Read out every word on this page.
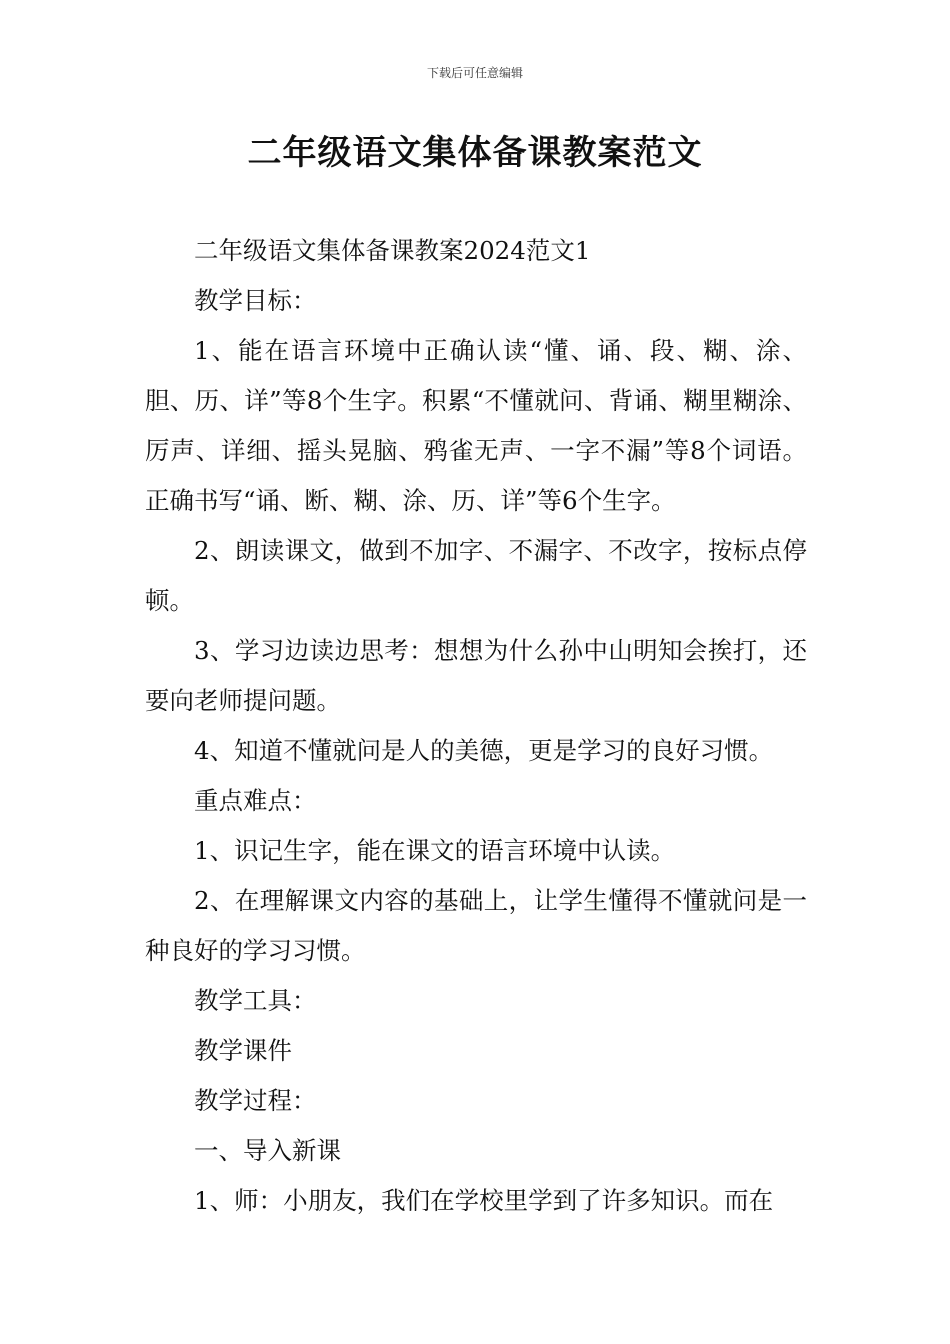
下载后可任意编辑
二年级语文集体备课教案范文

二年级语文集体备课教案2024范文1

教学目标：

1、能在语言环境中正确认读“懂、诵、段、糊、涂、胆、历、详”等8个生字。积累“不懂就问、背诵、糊里糊涂、厉声、详细、摇头晃脑、鸦雀无声、一字不漏”等8个词语。正确书写“诵、断、糊、涂、历、详”等6个生字。

2、朗读课文，做到不加字、不漏字、不改字，按标点停顿。

3、学习边读边思考：想想为什么孙中山明知会挨打，还要向老师提问题。

4、知道不懂就问是人的美德，更是学习的良好习惯。

重点难点：

1、识记生字，能在课文的语言环境中认读。

2、在理解课文内容的基础上，让学生懂得不懂就问是一种良好的学习习惯。

教学工具：

教学课件

教学过程：

一、导入新课

1、师：小朋友，我们在学校里学到了许多知识。而在
